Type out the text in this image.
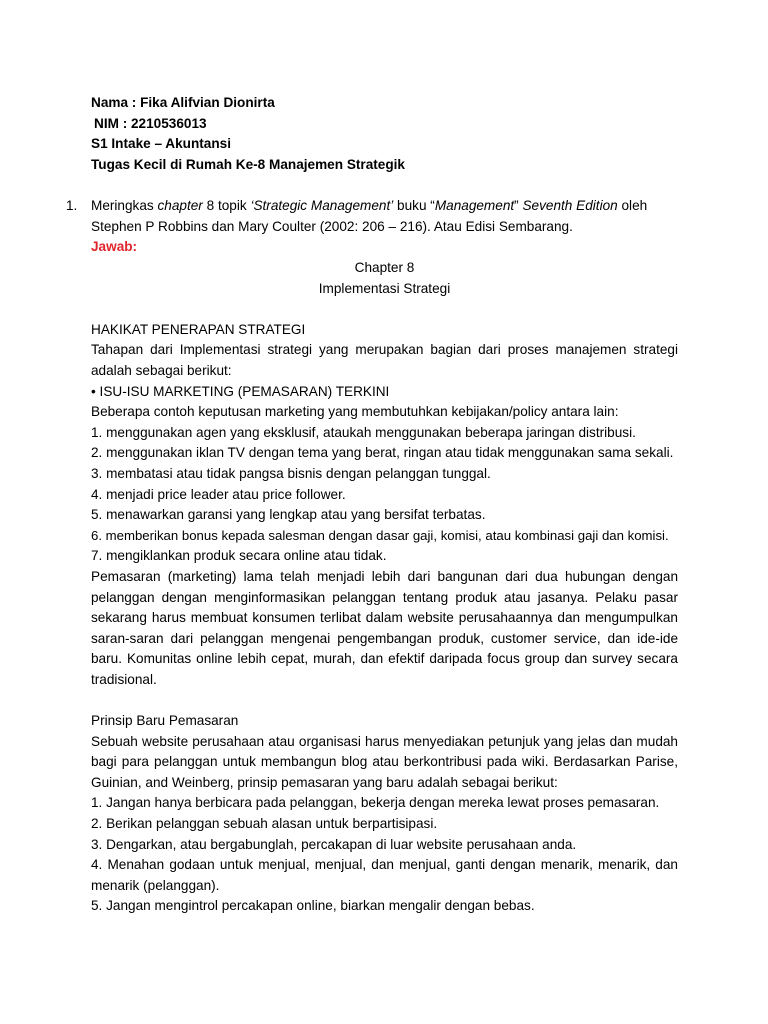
Nama : Fika Alifvian Dionirta
NIM : 2210536013
S1 Intake – Akuntansi
Tugas Kecil di Rumah Ke-8 Manajemen Strategik
1. Meringkas chapter 8 topik ‘Strategic Management’ buku “Management” Seventh Edition oleh Stephen P Robbins dan Mary Coulter (2002: 206 – 216). Atau Edisi Sembarang.
Jawab:
Chapter 8
Implementasi Strategi
HAKIKAT PENERAPAN STRATEGI
Tahapan dari Implementasi strategi yang merupakan bagian dari proses manajemen strategi adalah sebagai berikut:
• ISU-ISU MARKETING (PEMASARAN) TERKINI
Beberapa contoh keputusan marketing yang membutuhkan kebijakan/policy antara lain:
1. menggunakan agen yang eksklusif, ataukah menggunakan beberapa jaringan distribusi.
2. menggunakan iklan TV dengan tema yang berat, ringan atau tidak menggunakan sama sekali.
3. membatasi atau tidak pangsa bisnis dengan pelanggan tunggal.
4. menjadi price leader atau price follower.
5. menawarkan garansi yang lengkap atau yang bersifat terbatas.
6. memberikan bonus kepada salesman dengan dasar gaji, komisi, atau kombinasi gaji dan komisi.
7. mengiklankan produk secara online atau tidak.
Pemasaran (marketing) lama telah menjadi lebih dari bangunan dari dua hubungan dengan pelanggan dengan menginformasikan pelanggan tentang produk atau jasanya. Pelaku pasar sekarang harus membuat konsumen terlibat dalam website perusahaannya dan mengumpulkan saran-saran dari pelanggan mengenai pengembangan produk, customer service, dan ide-ide baru. Komunitas online lebih cepat, murah, dan efektif daripada focus group dan survey secara tradisional.
Prinsip Baru Pemasaran
Sebuah website perusahaan atau organisasi harus menyediakan petunjuk yang jelas dan mudah bagi para pelanggan untuk membangun blog atau berkontribusi pada wiki. Berdasarkan Parise, Guinian, and Weinberg, prinsip pemasaran yang baru adalah sebagai berikut:
1. Jangan hanya berbicara pada pelanggan, bekerja dengan mereka lewat proses pemasaran.
2. Berikan pelanggan sebuah alasan untuk berpartisipasi.
3. Dengarkan, atau bergabunglah, percakapan di luar website perusahaan anda.
4. Menahan godaan untuk menjual, menjual, dan menjual, ganti dengan menarik, menarik, dan menarik (pelanggan).
5. Jangan mengintrol percakapan online, biarkan mengalir dengan bebas.
